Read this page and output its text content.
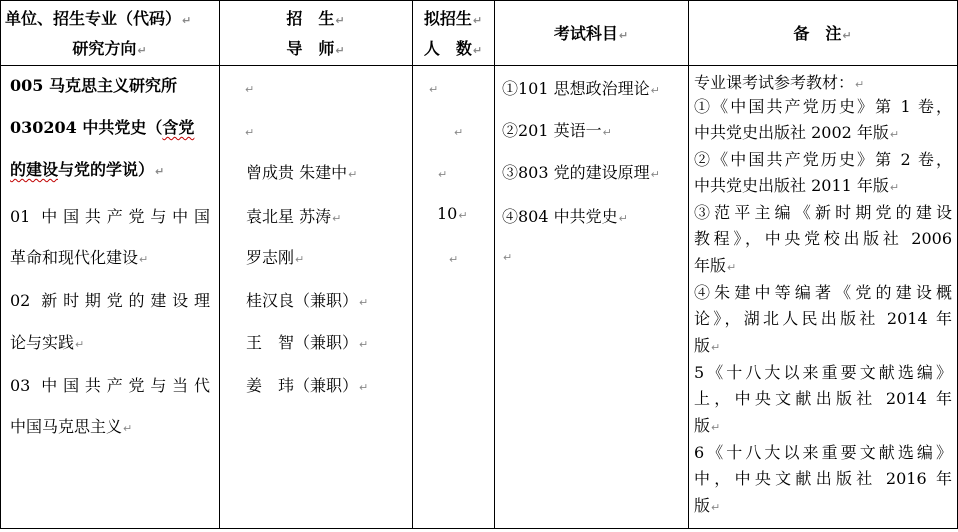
单位、招生专业（代码）↵
研究方向↵
招　生↵
导　师↵
拟招生↵
人　数↵
考试科目↵	备　注↵
005 马克思主义研究所
030204 中共党史（含党
的建设与党的学说）↵
01 中国共产党与中国
革命和现代化建设↵
02 新时期党的建设理
论与实践↵
03 中国共产党与当代
中国马克思主义↵
↵
↵
曾成贵 朱建中↵
袁北星 苏涛↵
罗志刚↵
桂汉良（兼职）↵
王　智（兼职）↵
姜　玮（兼职）↵
↵
↵
↵
10↵
↵
①101 思想政治理论↵
②201 英语一↵
③803 党的建设原理↵
④804 中共党史↵
↵
专业课考试参考教材：↵
①《中国共产党历史》第 1 卷，
中共党史出版社 2002 年版↵
②《中国共产党历史》第 2 卷，
中共党史出版社 2011 年版↵
③范平主编《新时期党的建设
教程》，中央党校出版社 2006
年版↵
④朱建中等编著《党的建设概
论》，湖北人民出版社 2014 年
版↵
5《十八大以来重要文献选编》
上，中央文献出版社 2014 年
版↵
6《十八大以来重要文献选编》
中，中央文献出版社 2016 年
版↵
